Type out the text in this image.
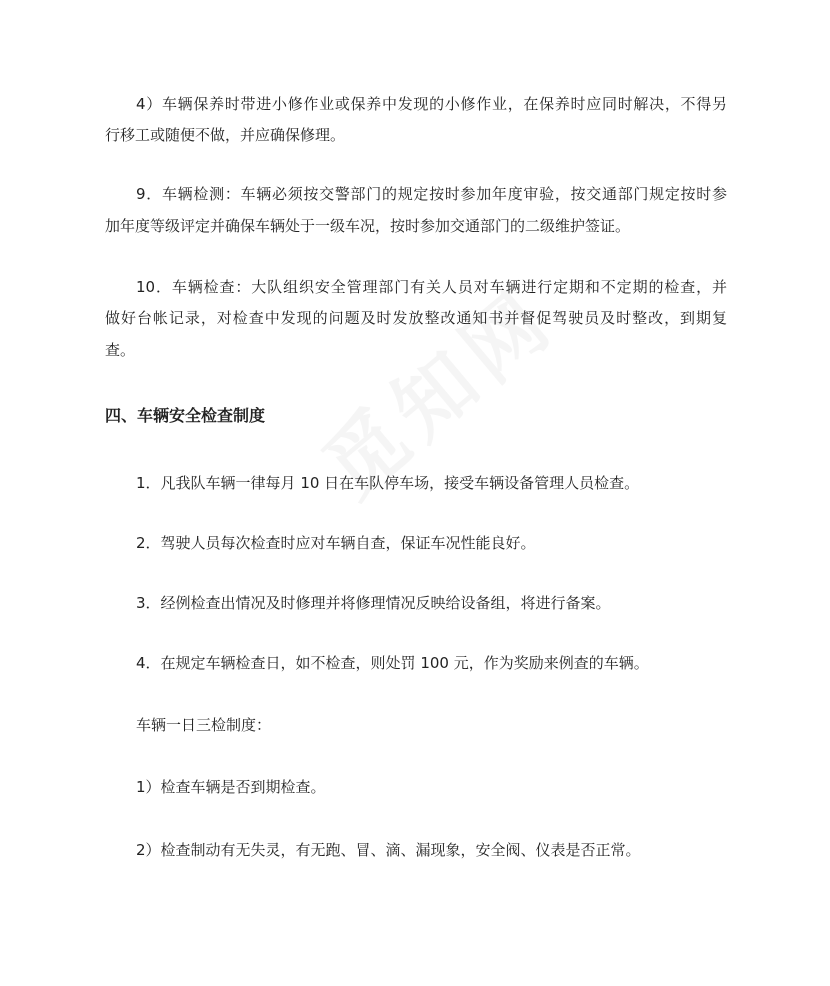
4）车辆保养时带进小修作业或保养中发现的小修作业，在保养时应同时解决，不得另
行移工或随便不做，并应确保修理。
9．车辆检测：车辆必须按交警部门的规定按时参加年度审验，按交通部门规定按时参
加年度等级评定并确保车辆处于一级车况，按时参加交通部门的二级维护签证。
10．车辆检查：大队组织安全管理部门有关人员对车辆进行定期和不定期的检查，并
做好台帐记录，对检查中发现的问题及时发放整改通知书并督促驾驶员及时整改，到期复
查。
四、车辆安全检查制度
1．凡我队车辆一律每月 10 日在车队停车场，接受车辆设备管理人员检查。
2．驾驶人员每次检查时应对车辆自查，保证车况性能良好。
3．经例检查出情况及时修理并将修理情况反映给设备组，将进行备案。
4．在规定车辆检查日，如不检查，则处罚 100 元，作为奖励来例查的车辆。
车辆一日三检制度：
1）检查车辆是否到期检查。
2）检查制动有无失灵，有无跑、冒、滴、漏现象，安全阀、仪表是否正常。
